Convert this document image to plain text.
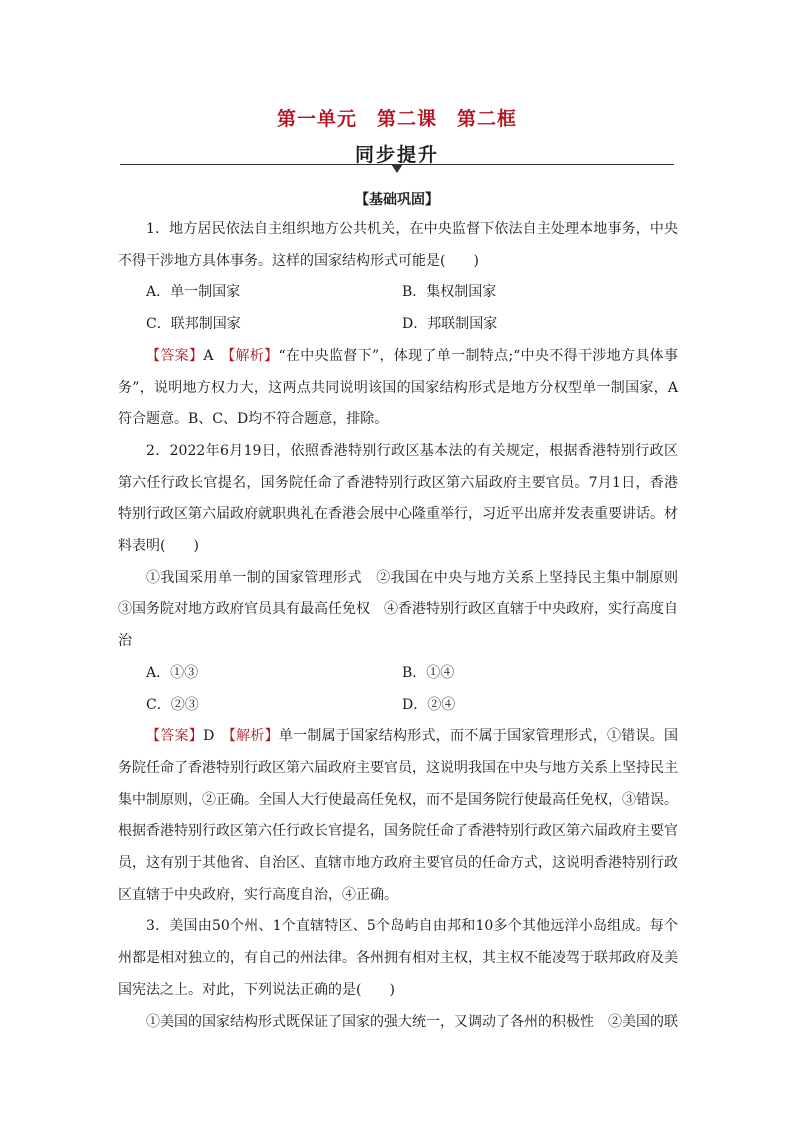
第一单元　第二课　第二框
同步提升
【基础巩固】

1．地方居民依法自主组织地方公共机关，在中央监督下依法自主处理本地事务，中央不得干涉地方具体事务。这样的国家结构形式可能是(　　)

A．单一制国家	B．集权制国家
C．联邦制国家	D．邦联制国家

【答案】A　 【解析】“在中央监督下”，体现了单一制特点;“中央不得干涉地方具体事务”，说明地方权力大，这两点共同说明该国的国家结构形式是地方分权型单一制国家，A符合题意。B、C、D均不符合题意，排除。

2．2022年6月19日，依照香港特别行政区基本法的有关规定，根据香港特别行政区第六任行政长官提名，国务院任命了香港特别行政区第六届政府主要官员。7月1日，香港特别行政区第六届政府就职典礼在香港会展中心隆重举行，习近平出席并发表重要讲话。材料表明(　　)

①我国采用单一制的国家管理形式　②我国在中央与地方关系上坚持民主集中制原则　③国务院对地方政府官员具有最高任免权　④香港特别行政区直辖于中央政府，实行高度自治

A．①③	B．①④
C．②③	D．②④

【答案】D　 【解析】单一制属于国家结构形式，而不属于国家管理形式，①错误。国务院任命了香港特别行政区第六届政府主要官员，这说明我国在中央与地方关系上坚持民主集中制原则，②正确。全国人大行使最高任免权，而不是国务院行使最高任免权，③错误。根据香港特别行政区第六任行政长官提名，国务院任命了香港特别行政区第六届政府主要官员，这有别于其他省、自治区、直辖市地方政府主要官员的任命方式，这说明香港特别行政区直辖于中央政府，实行高度自治，④正确。

3．美国由50个州、1个直辖特区、5个岛屿自由邦和10多个其他远洋小岛组成。每个州都是相对独立的，有自己的州法律。各州拥有相对主权，其主权不能凌驾于联邦政府及美国宪法之上。对此，下列说法正确的是(　　)

①美国的国家结构形式既保证了国家的强大统一，又调动了各州的积极性　②美国的联
